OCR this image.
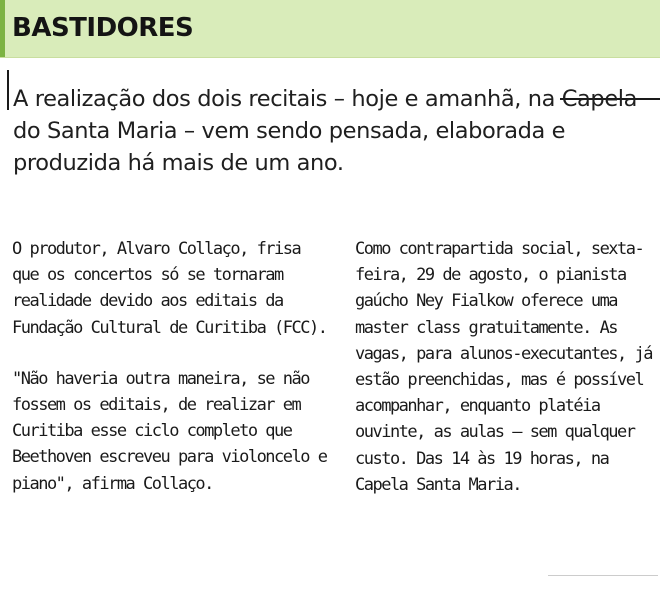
BASTIDORES

A realização dos dois recitais – hoje e amanhã, na Capela do Santa Maria – vem sendo pensada, elaborada e produzida há mais de um ano.

O produtor, Alvaro Collaço, frisa que os concertos só se tornaram realidade devido aos editais da Fundação Cultural de Curitiba (FCC).

"Não haveria outra maneira, se não fossem os editais, de realizar em Curitiba esse ciclo completo que Beethoven escreveu para violoncelo e piano", afirma Collaço.

Como contrapartida social, sexta-feira, 29 de agosto, o pianista gaúcho Ney Fialkow oferece uma master class gratuitamente. As vagas, para alunos-executantes, já estão preenchidas, mas é possível acompanhar, enquanto platéia ouvinte, as aulas – sem qualquer custo. Das 14 às 19 horas, na Capela Santa Maria.
